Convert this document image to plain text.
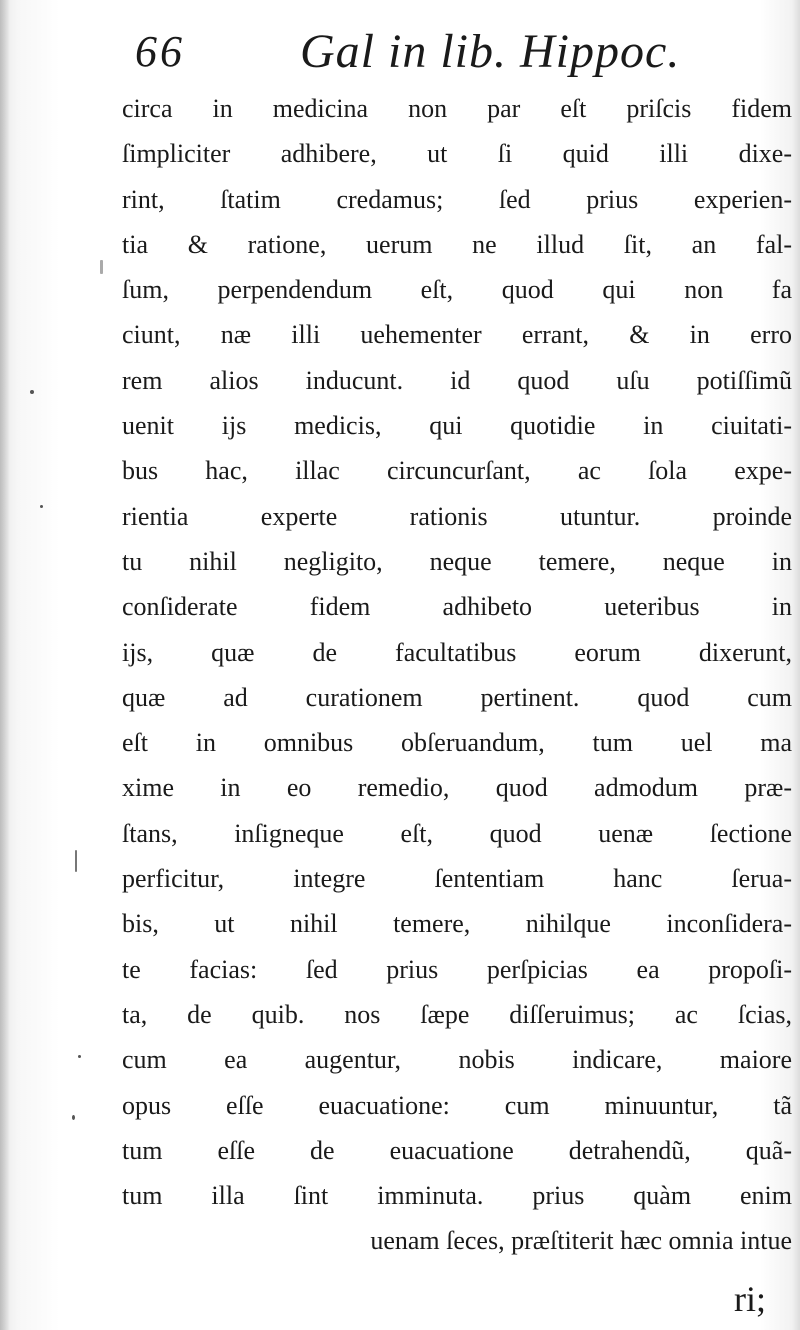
66 Gal in lib. Hippoc.
circa in medicina non par eſt priſcis fidem
ſimpliciter adhibere, ut ſi quid illi dixe-
rint, ſtatim credamus; ſed prius experien-
tia & ratione, uerum ne illud ſit, an fal-
ſum, perpendendum eſt, quod qui non fa
ciunt, næ illi uehementer errant, & in erro
rem alios inducunt. id quod uſu potiſſimũ
uenit ijs medicis, qui quotidie in ciuitati-
bus hac, illac circuncurſant, ac ſola expe-
rientia experte rationis utuntur. proinde
tu nihil negligito, neque temere, neque in
conſiderate fidem adhibeto ueteribus in
ijs, quæ de facultatibus eorum dixerunt,
quæ ad curationem pertinent. quod cum
eſt in omnibus obſeruandum, tum uel ma
xime in eo remedio, quod admodum præ-
ſtans, inſigneque eſt, quod uenæ ſectione
perficitur, integre ſententiam hanc ſerua-
bis, ut nihil temere, nihilque inconſidera-
te facias: ſed prius perſpicias ea propoſi-
ta, de quib. nos ſæpe diſſeruimus; ac ſcias,
cum ea augentur, nobis indicare, maiore
opus eſſe euacuatione: cum minuuntur, tã
tum eſſe de euacuatione detrahendũ, quã-
tum illa ſint imminuta. prius quàm enim
uenam ſeces, præſtiterit hæc omnia intue
ri;
